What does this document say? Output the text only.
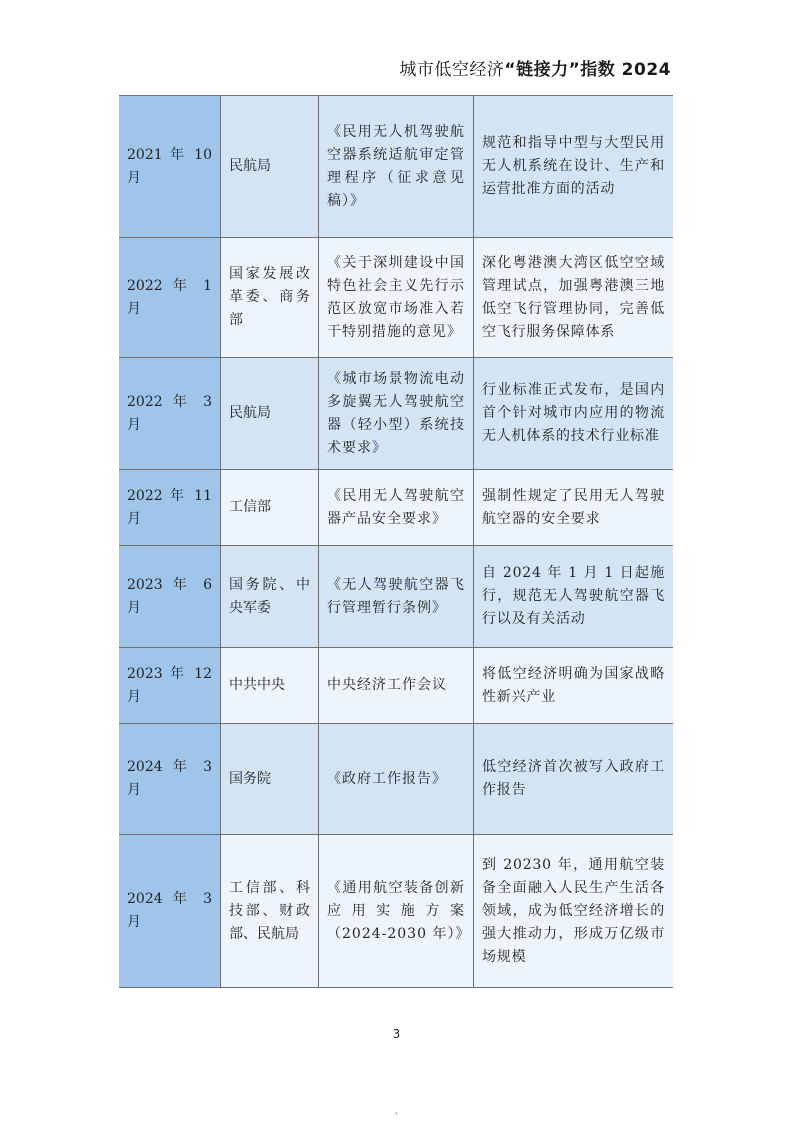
城市低空经济“链接力”指数 2024
2021 年 10 月
民航局
《民用无人机驾驶航空器系统适航审定管理程序（征求意见稿）》
规范和指导中型与大型民用无人机系统在设计、生产和运营批准方面的活动
2022 年 1 月
国家发展改革委、商务部
《关于深圳建设中国特色社会主义先行示范区放宽市场准入若干特别措施的意见》
深化粤港澳大湾区低空空域管理试点，加强粤港澳三地低空飞行管理协同，完善低空飞行服务保障体系
2022 年 3 月
民航局
《城市场景物流电动多旋翼无人驾驶航空器（轻小型）系统技术要求》
行业标准正式发布，是国内首个针对城市内应用的物流无人机体系的技术行业标准
2022 年 11 月
工信部
《民用无人驾驶航空器产品安全要求》
强制性规定了民用无人驾驶航空器的安全要求
2023 年 6 月
国务院、中央军委
《无人驾驶航空器飞行管理暂行条例》
自 2024 年 1 月 1 日起施行，规范无人驾驶航空器飞行以及有关活动
2023 年 12 月
中共中央	中央经济工作会议
将低空经济明确为国家战略性新兴产业
2024 年 3 月
国务院	《政府工作报告》
低空经济首次被写入政府工作报告
2024 年 3 月
工信部、科技部、财政部、民航局
《通用航空装备创新应用实施方案（2024-2030 年）》
到 20230 年，通用航空装备全面融入人民生产生活各领域，成为低空经济增长的强大推动力，形成万亿级市场规模
3
